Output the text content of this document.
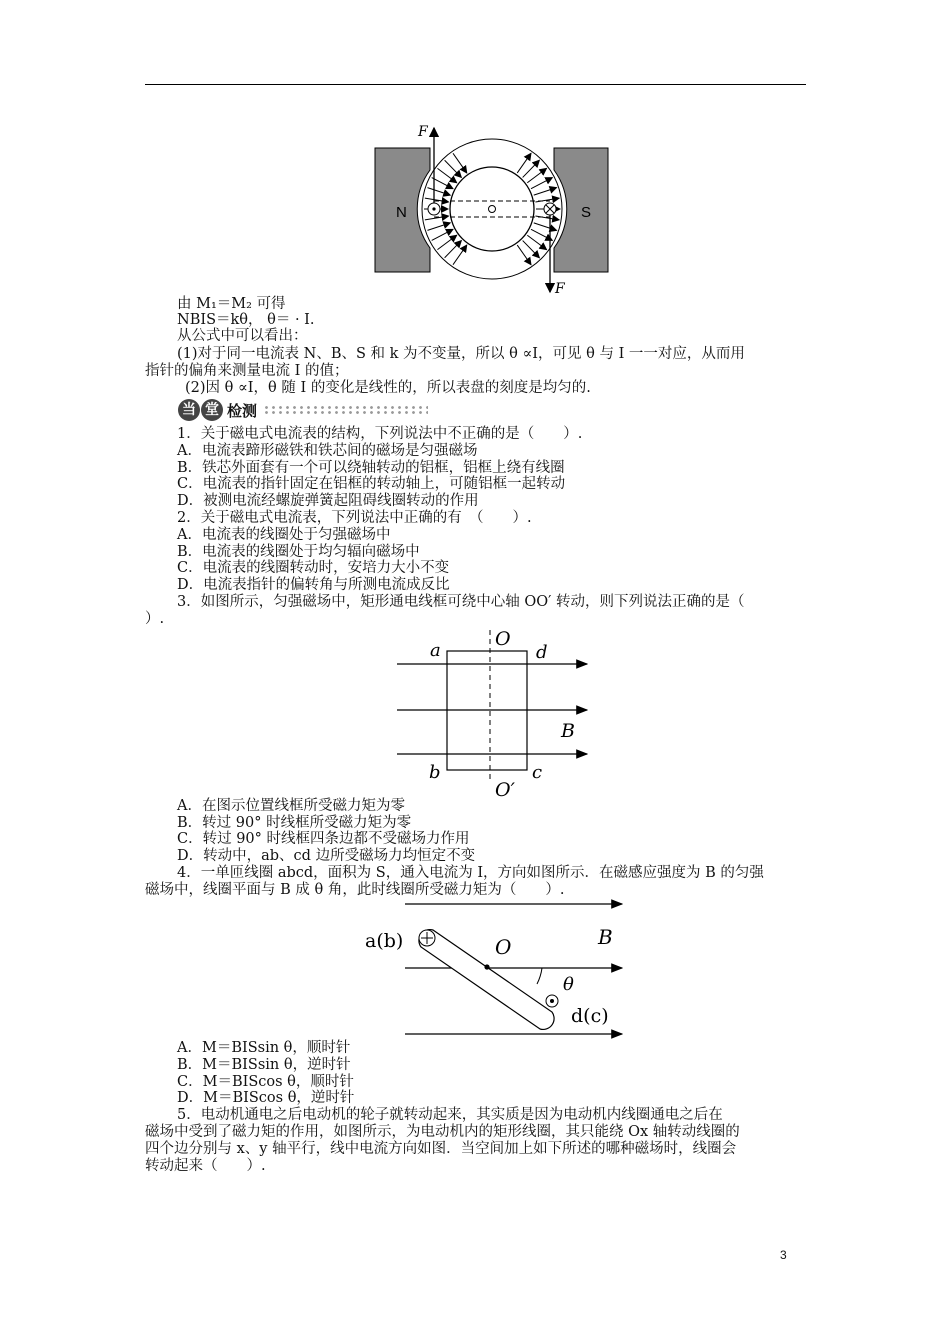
N	S
F
F
由 M₁＝M₂ 可得
NBIS＝kθ， θ＝ · I.
从公式中可以看出：
(1)对于同一电流表 N、B、S 和 k 为不变量，所以 θ ∝I，可见 θ 与 I 一一对应，从而用
指针的偏角来测量电流 I 的值；
(2)因 θ ∝I，θ 随 I 的变化是线性的，所以表盘的刻度是均匀的.
当 堂 检测
1．关于磁电式电流表的结构，下列说法中不正确的是（　　）.
A．电流表蹄形磁铁和铁芯间的磁场是匀强磁场
B．铁芯外面套有一个可以绕轴转动的铝框，铝框上绕有线圈
C．电流表的指针固定在铝框的转动轴上，可随铝框一起转动
D．被测电流经螺旋弹簧起阻碍线圈转动的作用
2．关于磁电式电流表，下列说法中正确的有　（　　）.
A．电流表的线圈处于匀强磁场中
B．电流表的线圈处于均匀辐向磁场中
C．电流表的线圈转动时，安培力大小不变
D．电流表指针的偏转角与所测电流成反比
3．如图所示，匀强磁场中，矩形通电线框可绕中心轴 OO′ 转动，则下列说法正确的是（
）.
O
O′
a	d
b	c
B
A．在图示位置线框所受磁力矩为零
B．转过 90° 时线框所受磁力矩为零
C．转过 90° 时线框四条边都不受磁场力作用
D．转动中，ab、cd 边所受磁场力均恒定不变
4．一单匝线圈 abcd，面积为 S，通入电流为 I，方向如图所示．在磁感应强度为 B 的匀强
磁场中，线圈平面与 B 成 θ 角，此时线圈所受磁力矩为（　　）.
a(b)	O
θ
d(c)
B
A．M＝BISsin θ，顺时针
B．M＝BISsin θ，逆时针
C．M＝BIScos θ，顺时针
D．M＝BIScos θ，逆时针
5．电动机通电之后电动机的轮子就转动起来，其实质是因为电动机内线圈通电之后在
磁场中受到了磁力矩的作用，如图所示，为电动机内的矩形线圈，其只能绕 Ox 轴转动线圈的
四个边分别与 x、y 轴平行，线中电流方向如图．当空间加上如下所述的哪种磁场时，线圈会
转动起来（　　）.
3
